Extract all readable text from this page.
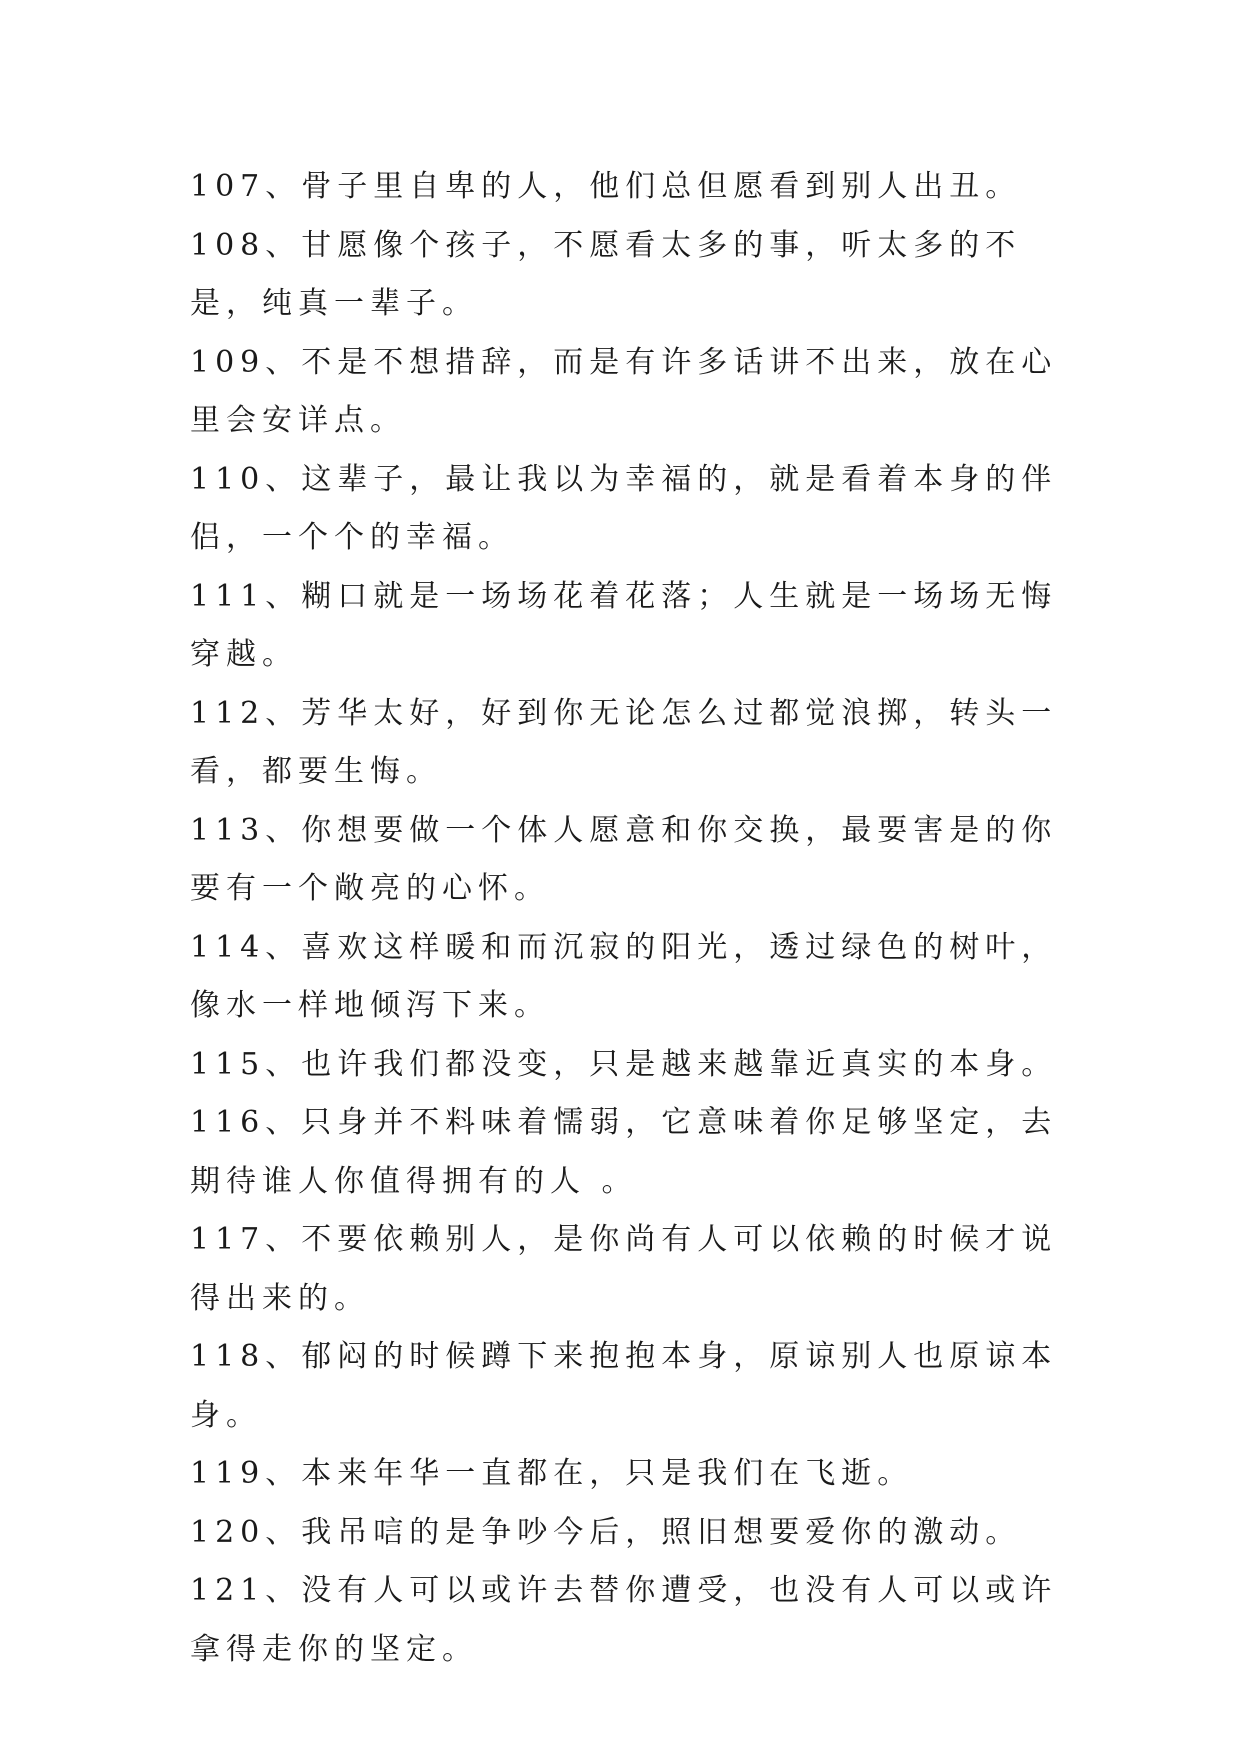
107、骨子里自卑的人，他们总但愿看到别人出丑。

108、甘愿像个孩子，不愿看太多的事，听太多的不是，纯真一辈子。

109、不是不想措辞，而是有许多话讲不出来，放在心里会安详点。

110、这辈子，最让我以为幸福的，就是看着本身的伴侣，一个个的幸福。

111、糊口就是一场场花着花落；人生就是一场场无悔穿越。

112、芳华太好，好到你无论怎么过都觉浪掷，转头一看，都要生悔。

113、你想要做一个体人愿意和你交换，最要害是的你要有一个敞亮的心怀。

114、喜欢这样暖和而沉寂的阳光，透过绿色的树叶，像水一样地倾泻下来。

115、也许我们都没变，只是越来越靠近真实的本身。

116、只身并不料味着懦弱，它意味着你足够坚定，去期待谁人你值得拥有的人 。

117、不要依赖别人，是你尚有人可以依赖的时候才说得出来的。

118、郁闷的时候蹲下来抱抱本身，原谅别人也原谅本身。

119、本来年华一直都在，只是我们在飞逝。

120、我吊唁的是争吵今后，照旧想要爱你的激动。

121、没有人可以或许去替你遭受，也没有人可以或许拿得走你的坚定。
